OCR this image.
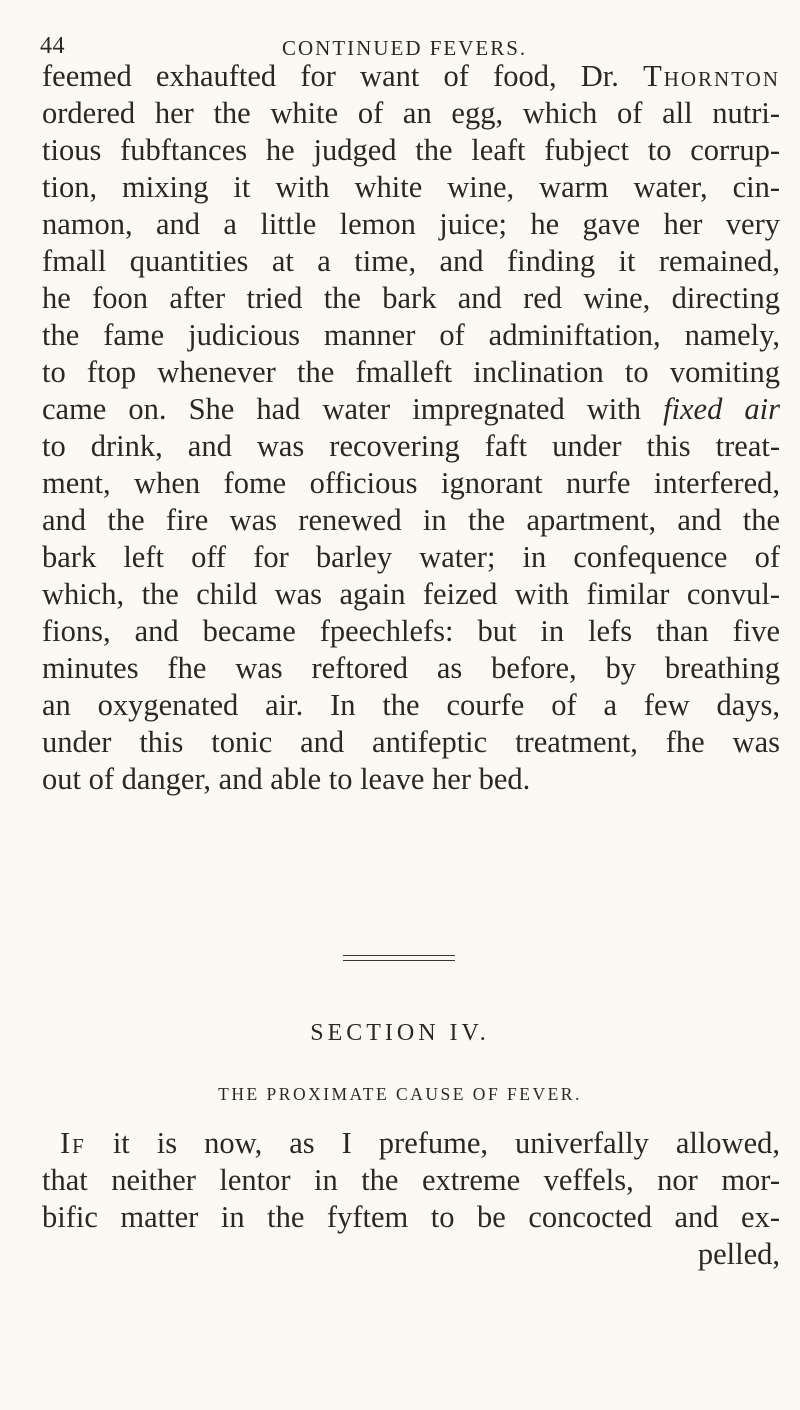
44	CONTINUED FEVERS.
feemed exhaufted for want of food, Dr. Thornton
ordered her the white of an egg, which of all nutri-
tious fubftances he judged the leaft fubject to corrup-
tion, mixing it with white wine, warm water, cin-
namon, and a little lemon juice; he gave her very
fmall quantities at a time, and finding it remained,
he foon after tried the bark and red wine, directing
the fame judicious manner of adminiftation, namely,
to ftop whenever the fmalleft inclination to vomiting
came on. She had water impregnated with fixed air
to drink, and was recovering faft under this treat-
ment, when fome officious ignorant nurfe interfered,
and the fire was renewed in the apartment, and the
bark left off for barley water; in confequence of
which, the child was again feized with fimilar convul-
fions, and became fpeechlefs: but in lefs than five
minutes fhe was reftored as before, by breathing
an oxygenated air. In the courfe of a few days,
under this tonic and antifeptic treatment, fhe was
out of danger, and able to leave her bed.
SECTION IV.
THE PROXIMATE CAUSE OF FEVER.
If it is now, as I prefume, univerfally allowed,
that neither lentor in the extreme veffels, nor mor-
bific matter in the fyftem to be concocted and ex-
pelled,
